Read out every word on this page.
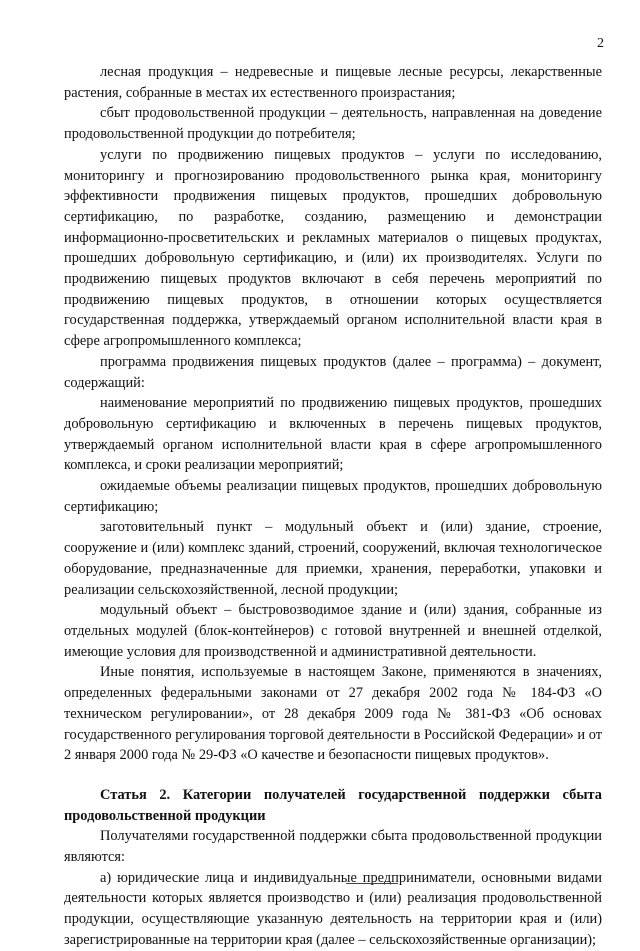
2

лесная продукция – недревесные и пищевые лесные ресурсы, лекарственные растения, собранные в местах их естественного произрастания;

сбыт продовольственной продукции – деятельность, направленная на доведение продовольственной продукции до потребителя;

услуги по продвижению пищевых продуктов – услуги по исследованию, мониторингу и прогнозированию продовольственного рынка края, мониторингу эффективности продвижения пищевых продуктов, прошедших добровольную сертификацию, по разработке, созданию, размещению и демонстрации информационно-просветительских и рекламных материалов о пищевых продуктах, прошедших добровольную сертификацию, и (или) их производителях. Услуги по продвижению пищевых продуктов включают в себя перечень мероприятий по продвижению пищевых продуктов, в отношении которых осуществляется государственная поддержка, утверждаемый органом исполнительной власти края в сфере агропромышленного комплекса;

программа продвижения пищевых продуктов (далее – программа) – документ, содержащий:

наименование мероприятий по продвижению пищевых продуктов, прошедших добровольную сертификацию и включенных в перечень пищевых продуктов, утверждаемый органом исполнительной власти края в сфере агропромышленного комплекса, и сроки реализации мероприятий;

ожидаемые объемы реализации пищевых продуктов, прошедших добровольную сертификацию;

заготовительный пункт – модульный объект и (или) здание, строение, сооружение и (или) комплекс зданий, строений, сооружений, включая технологическое оборудование, предназначенные для приемки, хранения, переработки, упаковки и реализации сельскохозяйственной, лесной продукции;

модульный объект – быстровозводимое здание и (или) здания, собранные из отдельных модулей (блок-контейнеров) с готовой внутренней и внешней отделкой, имеющие условия для производственной и административной деятельности.

Иные понятия, используемые в настоящем Законе, применяются в значениях, определенных федеральными законами от 27 декабря 2002 года № 184-ФЗ «О техническом регулировании», от 28 декабря 2009 года № 381-ФЗ «Об основах государственного регулирования торговой деятельности в Российской Федерации» и от 2 января 2000 года № 29-ФЗ «О качестве и безопасности пищевых продуктов».

Статья 2. Категории получателей государственной поддержки сбыта продовольственной продукции

Получателями государственной поддержки сбыта продовольственной продукции являются:

а) юридические лица и индивидуальные предприниматели, основными видами деятельности которых является производство и (или) реализация продовольственной продукции, осуществляющие указанную деятельность на территории края и (или) зарегистрированные на территории края (далее – сельскохозяйственные организации);
